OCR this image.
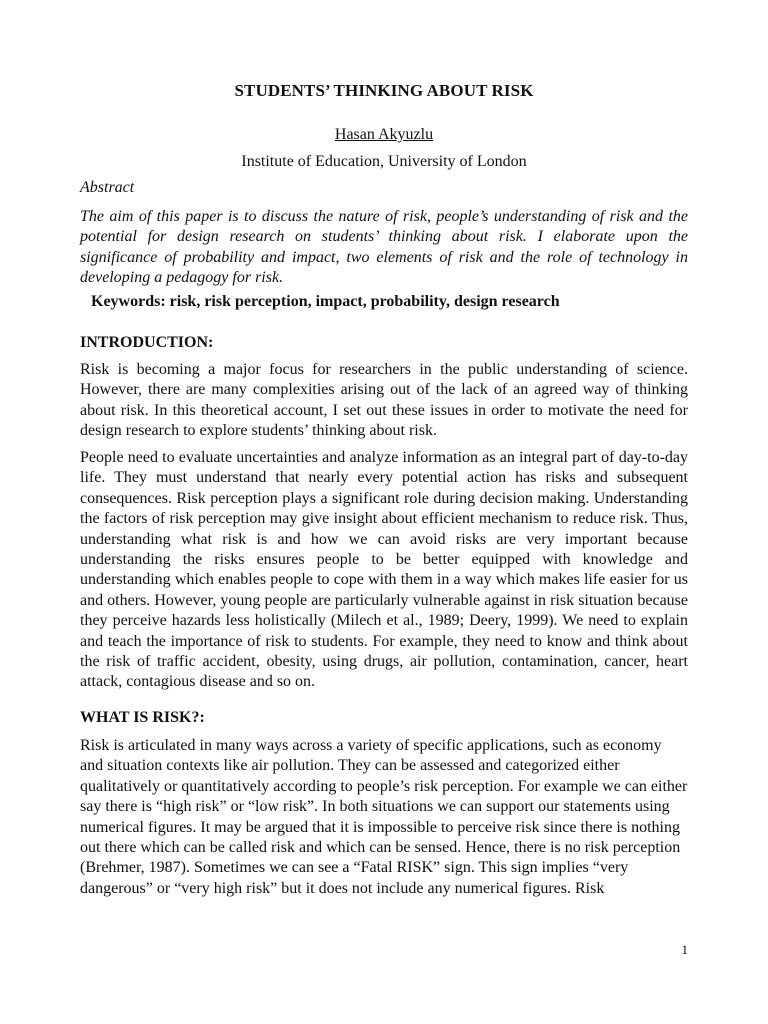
STUDENTS’ THINKING ABOUT RISK
Hasan Akyuzlu
Institute of Education, University of London
Abstract
The aim of this paper is to discuss the nature of risk, people’s understanding of risk and the potential for design research on students’ thinking about risk. I elaborate upon the significance of probability and impact, two elements of risk and the role of technology in developing a pedagogy for risk.
Keywords: risk, risk perception, impact, probability, design research
INTRODUCTION:
Risk is becoming a major focus for researchers in the public understanding of science. However, there are many complexities arising out of the lack of an agreed way of thinking about risk. In this theoretical account, I set out these issues in order to motivate the need for design research to explore students’ thinking about risk.
People need to evaluate uncertainties and analyze information as an integral part of day-to-day life. They must understand that nearly every potential action has risks and subsequent consequences. Risk perception plays a significant role during decision making. Understanding the factors of risk perception may give insight about efficient mechanism to reduce risk. Thus, understanding what risk is and how we can avoid risks are very important because understanding the risks ensures people to be better equipped with knowledge and understanding which enables people to cope with them in a way which makes life easier for us and others. However, young people are particularly vulnerable against in risk situation because they perceive hazards less holistically (Milech et al., 1989; Deery, 1999). We need to explain and teach the importance of risk to students. For example, they need to know and think about the risk of traffic accident, obesity, using drugs, air pollution, contamination, cancer, heart attack, contagious disease and so on.
WHAT IS RISK?:
Risk is articulated in many ways across a variety of specific applications, such as economy and situation contexts like air pollution. They can be assessed and categorized either qualitatively or quantitatively according to people’s risk perception. For example we can either say there is “high risk” or “low risk”. In both situations we can support our statements using numerical figures. It may be argued that it is impossible to perceive risk since there is nothing out there which can be called risk and which can be sensed. Hence, there is no risk perception (Brehmer, 1987). Sometimes we can see a “Fatal RISK” sign. This sign implies “very dangerous” or “very high risk” but it does not include any numerical figures. Risk
1
